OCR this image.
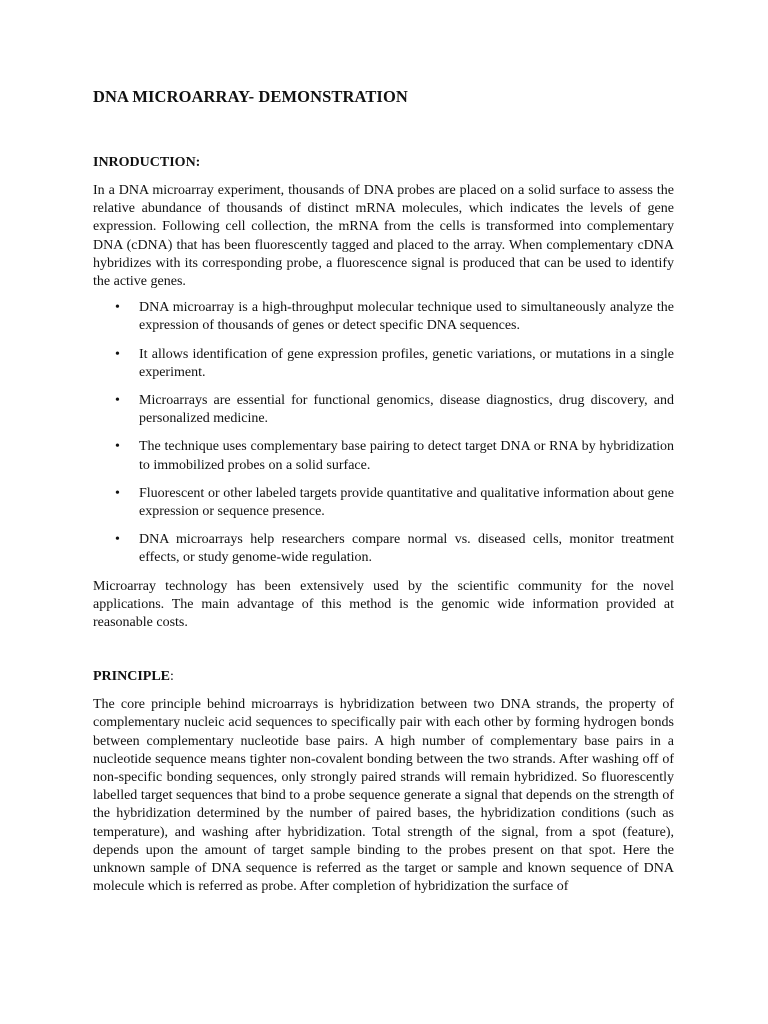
DNA MICROARRAY- DEMONSTRATION
INRODUCTION:

In a DNA microarray experiment, thousands of DNA probes are placed on a solid surface to assess the relative abundance of thousands of distinct mRNA molecules, which indicates the levels of gene expression. Following cell collection, the mRNA from the cells is transformed into complementary DNA (cDNA) that has been fluorescently tagged and placed to the array. When complementary cDNA hybridizes with its corresponding probe, a fluorescence signal is produced that can be used to identify the active genes.

• DNA microarray is a high-throughput molecular technique used to simultaneously analyze the expression of thousands of genes or detect specific DNA sequences.
• It allows identification of gene expression profiles, genetic variations, or mutations in a single experiment.
• Microarrays are essential for functional genomics, disease diagnostics, drug discovery, and personalized medicine.
• The technique uses complementary base pairing to detect target DNA or RNA by hybridization to immobilized probes on a solid surface.
• Fluorescent or other labeled targets provide quantitative and qualitative information about gene expression or sequence presence.
• DNA microarrays help researchers compare normal vs. diseased cells, monitor treatment effects, or study genome-wide regulation.

Microarray technology has been extensively used by the scientific community for the novel applications. The main advantage of this method is the genomic wide information provided at reasonable costs.

PRINCIPLE:

The core principle behind microarrays is hybridization between two DNA strands, the property of complementary nucleic acid sequences to specifically pair with each other by forming hydrogen bonds between complementary nucleotide base pairs. A high number of complementary base pairs in a nucleotide sequence means tighter non-covalent bonding between the two strands. After washing off of non-specific bonding sequences, only strongly paired strands will remain hybridized. So fluorescently labelled target sequences that bind to a probe sequence generate a signal that depends on the strength of the hybridization determined by the number of paired bases, the hybridization conditions (such as temperature), and washing after hybridization. Total strength of the signal, from a spot (feature), depends upon the amount of target sample binding to the probes present on that spot. Here the unknown sample of DNA sequence is referred as the target or sample and known sequence of DNA molecule which is referred as probe. After completion of hybridization the surface of
